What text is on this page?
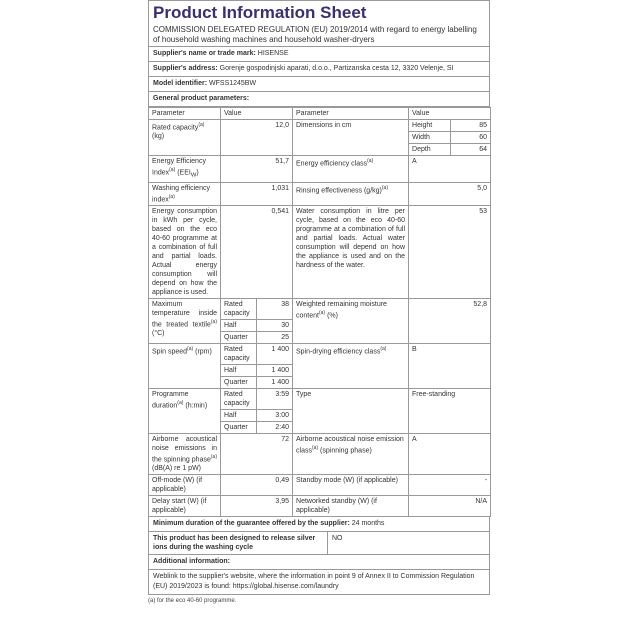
Product Information Sheet
COMMISSION DELEGATED REGULATION (EU) 2019/2014 with regard to energy labelling of household washing machines and household washer-dryers
Supplier's name or trade mark: HISENSE
Supplier's address: Gorenje gospodinjski aparati, d.o.o., Partizanska cesta 12, 3320 Velenje, SI
Model identifier: WFSS1245BW
General product parameters:
Parameter	Value		Parameter	Value	
Rated capacity$^{(a)}$ (kg)	12,0		Dimensions in cm	Height	85
				Width	60
				Depth	64
Energy Efficiency Index$^{(a)}$ $(EEI_W)$	51,7		Energy efficiency class$^{(a)}$	A	
Washing efficiency index$^{(a)}$	1,031		Rinsing effectiveness $(g/kg)^{(a)}$	5,0	
Energy consumption in kWh per cycle, based on the eco 40-60 programme at a combination of full and partial loads. Actual energy consumption will depend on how the appliance is used.	0,541		Water consumption in litre per cycle, based on the eco 40-60 programme at a combination of full and partial loads. Actual water consumption will depend on how the appliance is used and on the hardness of the water.	53	
Maximum temperature inside the treated textile$^{(a)}$ (°C)	Rated capacity	38	Weighted remaining moisture content$^{(a)}$ (%)	52,8	
	Half	30			
	Quarter	25			
Spin speed$^{(a)}$ (rpm)	Rated capacity	1 400	Spin-drying efficiency class$^{(a)}$	B	
	Half	1 400			
	Quarter	1 400			
Programme duration$^{(a)}$ (h:min)	Rated capacity	3:59	Type	Free-standing	
	Half	3:00			
	Quarter	2:40			
Airborne acoustical noise emissions in the spinning phase$^{(a)}$ (dB(A) re 1 pW)	72		Airborne acoustical noise emission class$^{(a)}$ (spinning phase)	A	
Off-mode (W) (if applicable)	0,49		Standby mode (W) (if applicable)	-	
Delay start (W) (if applicable)	3,95		Networked standby (W) (if applicable)	N/A	
Minimum duration of the guarantee offered by the supplier: 24 months
This product has been designed to release silver ions during the washing cycle
NO
Additional information:
Weblink to the supplier's website, where the information in point 9 of Annex II to Commission Regulation (EU) 2019/2023 is found: https://global.hisense.com/laundry
(a) for the eco 40-60 programme.
